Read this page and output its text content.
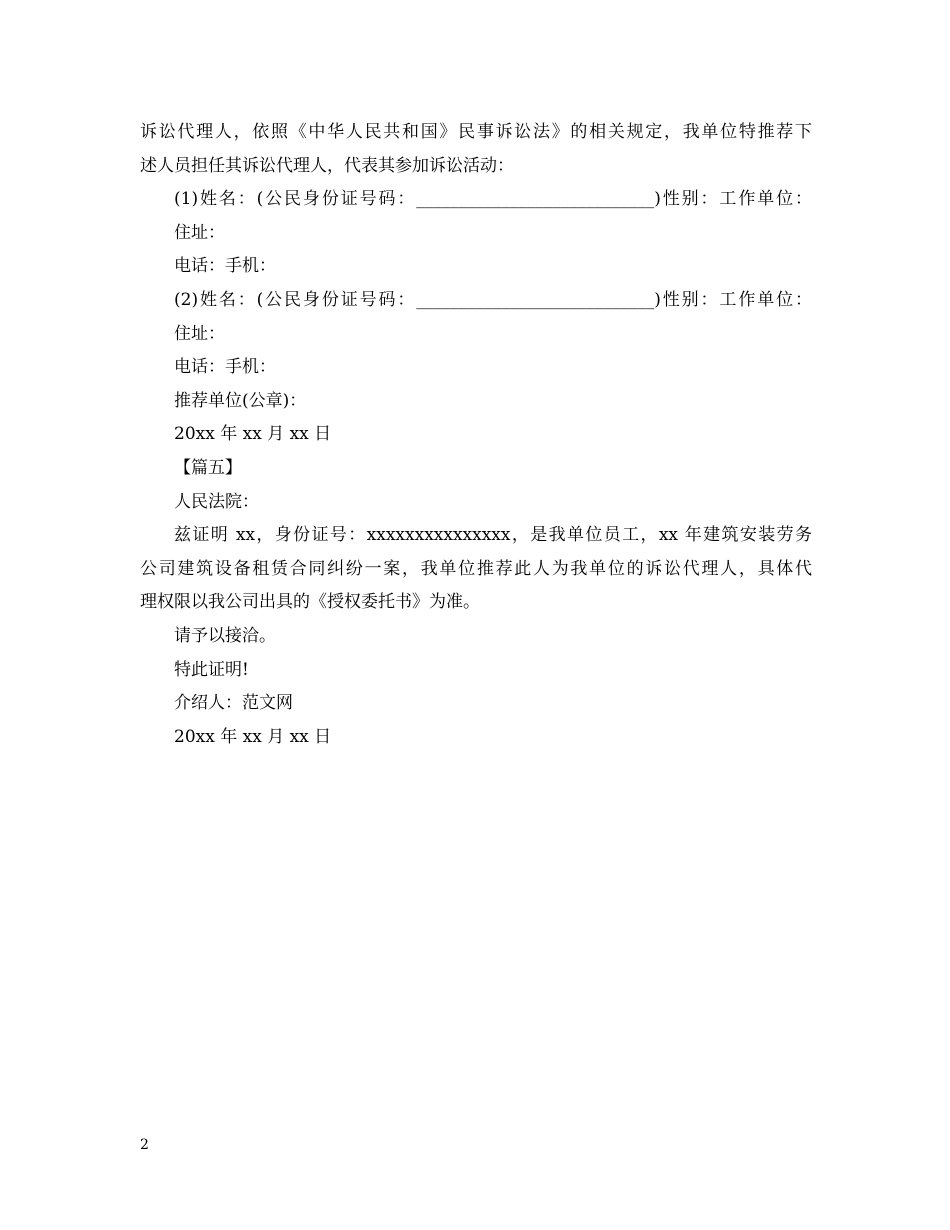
诉讼代理人，依照《中华人民共和国》民事诉讼法》的相关规定，我单位特推荐下
述人员担任其诉讼代理人，代表其参加诉讼活动：
(1)姓名：(公民身份证号码：____________________________)性别：工作单位：
住址：
电话：手机：
(2)姓名：(公民身份证号码：____________________________)性别：工作单位：
住址：
电话：手机：
推荐单位(公章)：
20xx 年 xx 月 xx 日
【篇五】
人民法院：
兹证明 xx，身份证号：xxxxxxxxxxxxxxx，是我单位员工，xx 年建筑安装劳务
公司建筑设备租赁合同纠纷一案，我单位推荐此人为我单位的诉讼代理人，具体代
理权限以我公司出具的《授权委托书》为准。
请予以接洽。
特此证明!
介绍人：范文网
20xx 年 xx 月 xx 日
2
